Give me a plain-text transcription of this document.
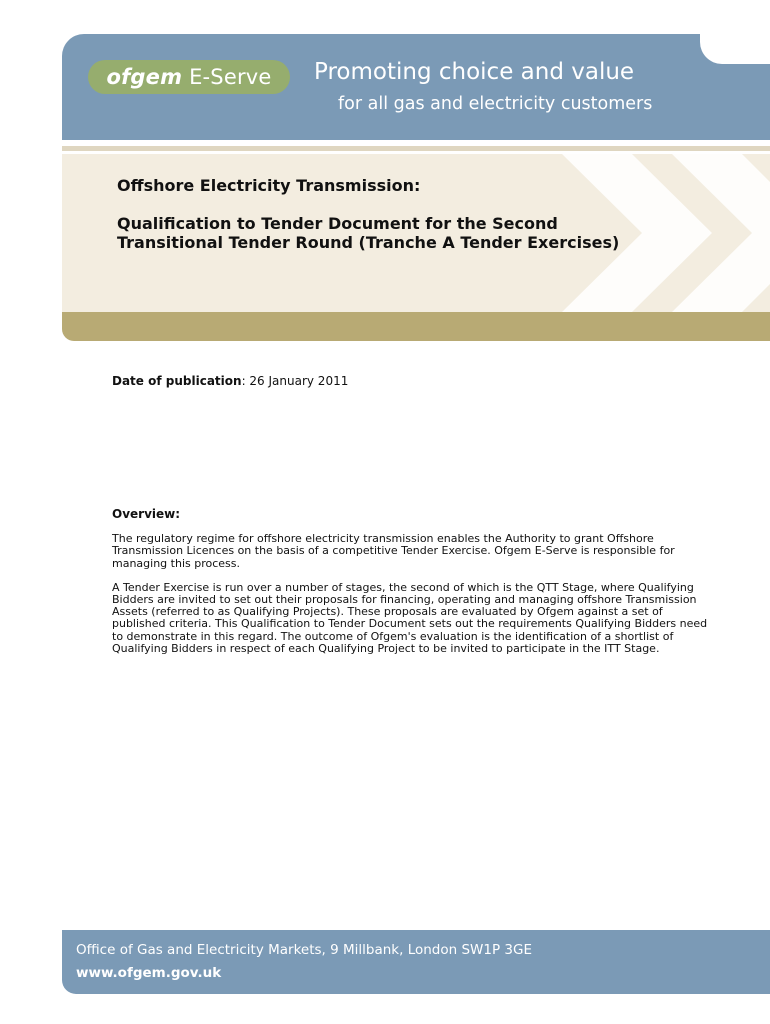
ofgem E-Serve	Promoting choice and value
for all gas and electricity customers
Offshore Electricity Transmission:
Qualification to Tender Document for the Second
Transitional Tender Round (Tranche A Tender Exercises)
Date of publication: 26 January 2011
Overview:

The regulatory regime for offshore electricity transmission enables the Authority to grant Offshore Transmission Licences on the basis of a competitive Tender Exercise. Ofgem E-Serve is responsible for managing this process.

A Tender Exercise is run over a number of stages, the second of which is the QTT Stage, where Qualifying Bidders are invited to set out their proposals for financing, operating and managing offshore Transmission Assets (referred to as Qualifying Projects). These proposals are evaluated by Ofgem against a set of published criteria. This Qualification to Tender Document sets out the requirements Qualifying Bidders need to demonstrate in this regard. The outcome of Ofgem's evaluation is the identification of a shortlist of Qualifying Bidders in respect of each Qualifying Project to be invited to participate in the ITT Stage.

Office of Gas and Electricity Markets, 9 Millbank, London SW1P 3GE
www.ofgem.gov.uk
